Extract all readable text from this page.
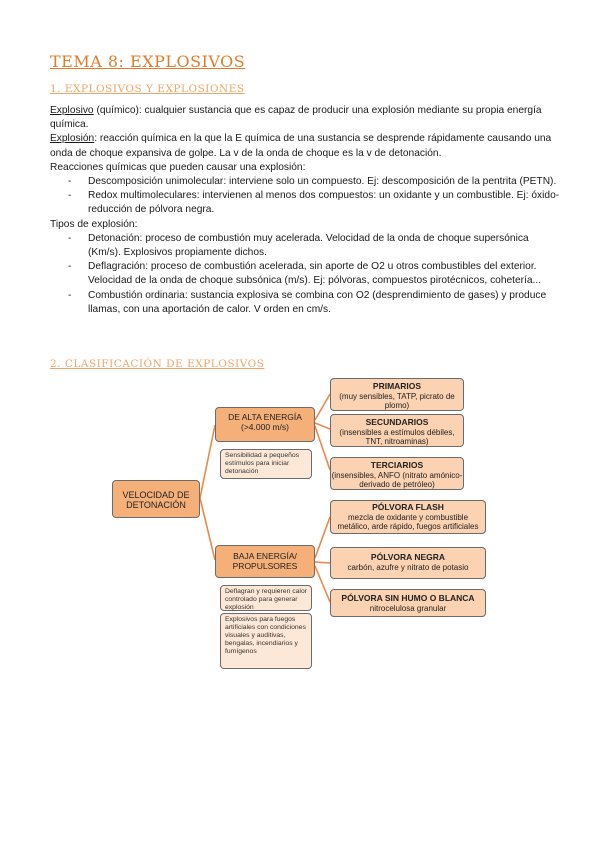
TEMA 8: EXPLOSIVOS
1. EXPLOSIVOS Y EXPLOSIONES

Explosivo (químico): cualquier sustancia que es capaz de producir una explosión mediante su propia energía química.

Explosión: reacción química en la que la E química de una sustancia se desprende rápidamente causando una onda de choque expansiva de golpe. La v de la onda de choque es la v de detonación.

Reacciones químicas que pueden causar una explosión:

- Descomposición unimolecular: interviene solo un compuesto. Ej: descomposición de la pentrita (PETN).
- Redox multimoleculares: intervienen al menos dos compuestos: un oxidante y un combustible. Ej: óxido-reducción de pólvora negra.

Tipos de explosión:

- Detonación: proceso de combustión muy acelerada. Velocidad de la onda de choque supersónica (Km/s). Explosivos propiamente dichos.
- Deflagración: proceso de combustión acelerada, sin aporte de O2 u otros combustibles del exterior. Velocidad de la onda de choque subsónica (m/s). Ej: pólvoras, compuestos pirotécnicos, cohetería...
- Combustión ordinaria: sustancia explosiva se combina con O2 (desprendimiento de gases) y produce llamas, con una aportación de calor. V orden en cm/s.
2. CLASIFICACIÓN DE EXPLOSIVOS
VELOCIDAD DE DETONACIÓN
DE ALTA ENERGÍA (>4.000 m/s)
Sensibilidad a pequeños estímulos para iniciar detonación
BAJA ENERGÍA/ PROPULSORES
Deflagran y requieren calor controlado para generar explosión
Explosivos para fuegos artificiales con condiciones visuales y auditivas, bengalas, incendiarios y fumígenos
PRIMARIOS
(muy sensibles, TATP, picrato de plomo)
SECUNDARIOS
(insensibles a estímulos débiles, TNT, nitroaminas)
TERCIARIOS
(insensibles, ANFO (nitrato amónico-derivado de petróleo)
PÓLVORA FLASH
mezcla de oxidante y combustible metálico, arde rápido, fuegos artificiales
PÓLVORA NEGRA
carbón, azufre y nitrato de potasio
PÓLVORA SIN HUMO O BLANCA
nitrocelulosa granular
